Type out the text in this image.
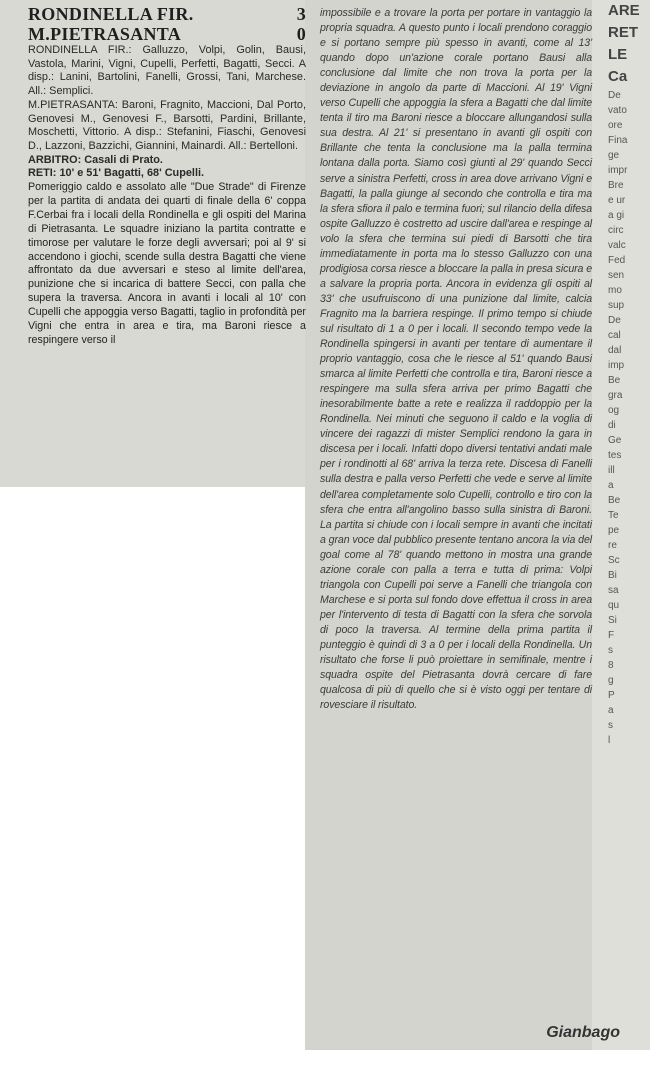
RONDINELLA FIR.	3
M.PIETRASANTA	0

RONDINELLA FIR.: Galluzzo, Volpi, Golin, Bausi, Vastola, Marini, Vigni, Cupelli, Perfetti, Bagatti, Secci. A disp.: Lanini, Bartolini, Fanelli, Grossi, Tani, Marchese. All.: Semplici.

M.PIETRASANTA: Baroni, Fragnito, Maccioni, Dal Porto, Genovesi M., Genovesi F., Barsotti, Pardini, Brillante, Moschetti, Vittorio. A disp.: Stefanini, Fiaschi, Genovesi D., Lazzoni, Bazzichi, Giannini, Mainardi. All.: Bertelloni.

ARBITRO: Casali di Prato.

RETI: 10' e 51' Bagatti, 68' Cupelli.

Pomeriggio caldo e assolato alle "Due Strade" di Firenze per la partita di andata dei quarti di finale della 6' coppa F.Cerbai fra i locali della Rondinella e gli ospiti del Marina di Pietrasanta. Le squadre iniziano la partita contratte e timorose per valutare le forze degli avversari; poi al 9' si accendono i giochi, scende sulla destra Bagatti che viene affrontato da due avversari e steso al limite dell'area, punizione che si incarica di battere Secci, con palla che supera la traversa. Ancora in avanti i locali al 10' con Cupelli che appoggia verso Bagatti, taglio in profondità per Vigni che entra in area e tira, ma Baroni riesce a respingere verso il

impossibile e a trovare la porta per portare in vantaggio la propria squadra. A questo punto i locali prendono coraggio e si portano sempre più spesso in avanti, come al 13' quando dopo un'azione corale portano Bausi alla conclusione dal limite che non trova la porta per la deviazione in angolo da parte di Maccioni. Al 19' Vigni verso Cupelli che appoggia la sfera a Bagatti che dal limite tenta il tiro ma Baroni riesce a bloccare allungandosi sulla sua destra. Al 21' si presentano in avanti gli ospiti con Brillante che tenta la conclusione ma la palla termina lontana dalla porta. Siamo così giunti al 29' quando Secci serve a sinistra Perfetti, cross in area dove arrivano Vigni e Bagatti, la palla giunge al secondo che controlla e tira ma la sfera sfiora il palo e termina fuori; sul rilancio della difesa ospite Galluzzo è costretto ad uscire dall'area e respinge al volo la sfera che termina sui piedi di Barsotti che tira immediatamente in porta ma lo stesso Galluzzo con una prodigiosa corsa riesce a bloccare la palla in presa sicura e a salvare la propria porta. Ancora in evidenza gli ospiti al 33' che usufruiscono di una punizione dal limite, calcia Fragnito ma la barriera respinge. Il primo tempo si chiude sul risultato di 1 a 0 per i locali. Il secondo tempo vede la Rondinella spingersi in avanti per tentare di aumentare il proprio vantaggio, cosa che le riesce al 51' quando Bausi smarca al limite Perfetti che controlla e tira, Baroni riesce a respingere ma sulla sfera arriva per primo Bagatti che inesorabilmente batte a rete e realizza il raddoppio per la Rondinella. Nei minuti che seguono il caldo e la voglia di vincere dei ragazzi di mister Semplici rendono la gara in discesa per i locali. Infatti dopo diversi tentativi andati male per i rondinotti al 68' arriva la terza rete. Discesa di Fanelli sulla destra e palla verso Perfetti che vede e serve al limite dell'area completamente solo Cupelli, controllo e tiro con la sfera che entra all'angolino basso sulla sinistra di Baroni. La partita si chiude con i locali sempre in avanti che incitati a gran voce dal pubblico presente tentano ancora la via del goal come al 78' quando mettono in mostra una grande azione corale con palla a terra e tutta di prima: Volpi triangola con Cupelli poi serve a Fanelli che triangola con Marchese e si porta sul fondo dove effettua il cross in area per l'intervento di testa di Bagatti con la sfera che sorvola di poco la traversa. Al termine della prima partita il punteggio è quindi di 3 a 0 per i locali della Rondinella. Un risultato che forse li può proiettare in semifinale, mentre i squadra ospite del Pietrasanta dovrà cercare di fare qualcosa di più di quello che si è visto oggi per tentare di rovesciare il risultato.
Gianbago
ARE
RET
LE
Ca
De
vato
ore
Fina
ge
impr
Bre
e ur
a gi
circ
valc
Fed
sen
mo
sup
De
cal
dal
imp
Be
gra
og
di
Ge
tes
ill
a
Be
Te
pe
re
Sc
Bi
sa
qu
Si
F
s
8
g
P
a
s
l
